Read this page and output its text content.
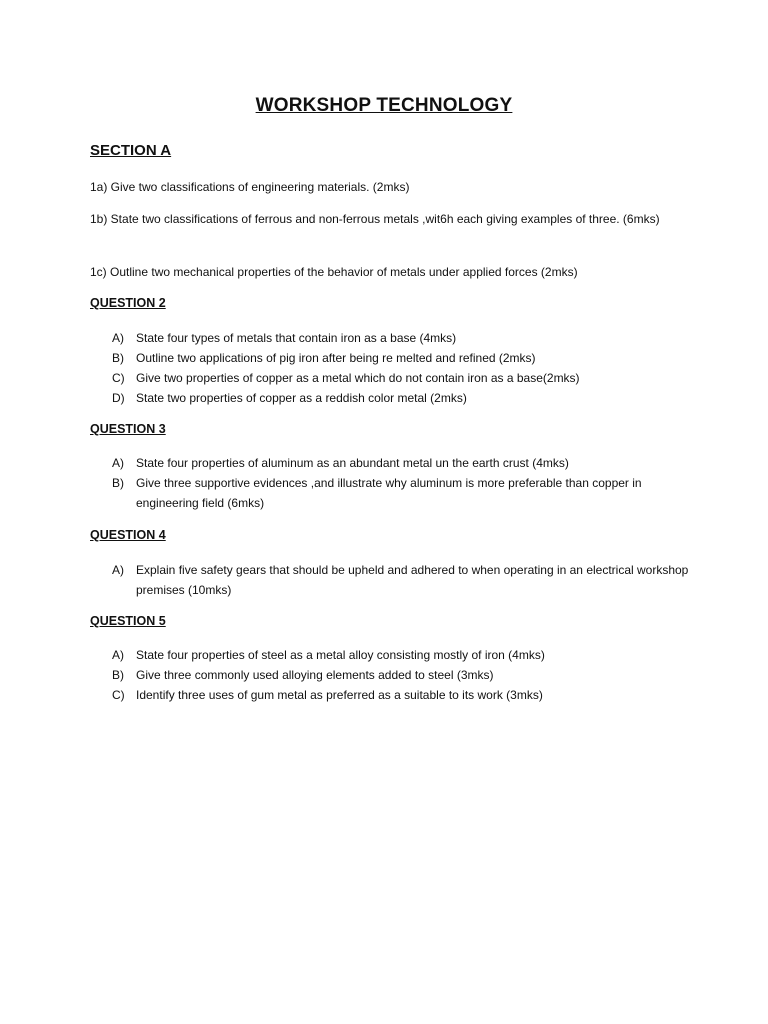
WORKSHOP TECHNOLOGY
SECTION A

1a) Give two classifications of engineering materials. (2mks)

1b) State two classifications of ferrous and non-ferrous metals ,wit6h each giving examples of three. (6mks)

1c) Outline two mechanical properties of the behavior of metals under applied forces (2mks)

QUESTION 2
A) State four types of metals that contain iron as a base (4mks)
B) Outline two applications of pig iron after being re melted and refined (2mks)
C) Give two properties of copper as a metal which do not contain iron as a base(2mks)
D) State two properties of copper as a reddish color metal (2mks)
QUESTION 3
A) State four properties of aluminum as an abundant metal un the earth crust (4mks)
B) Give three supportive evidences ,and illustrate why aluminum is more preferable than copper in engineering field (6mks)
QUESTION 4
A) Explain five safety gears that should be upheld and adhered to when operating in an electrical workshop premises (10mks)
QUESTION 5
A) State four properties of steel as a metal alloy consisting mostly of iron (4mks)
B) Give three commonly used alloying elements added to steel (3mks)
C) Identify three uses of gum metal as preferred as a suitable to its work (3mks)
